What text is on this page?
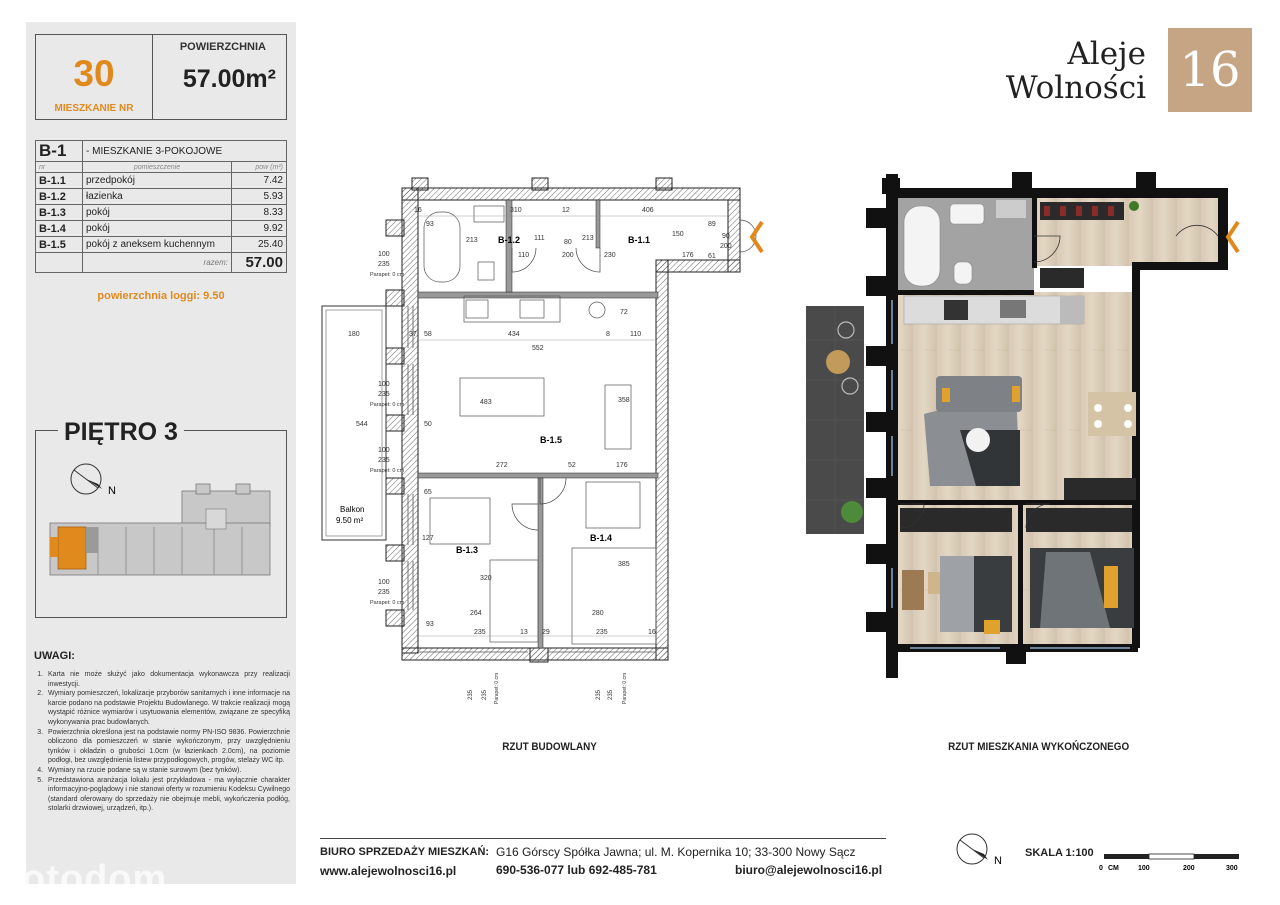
30
MIESZKANIE NR
POWIERZCHNIA
57.00m²
B-1	- MIESZKANIE 3-POKOJOWE	
nr	pomieszczenie	pow (m²)
B-1.1	przedpokój	7.42
B-1.2	łazienka	5.93
B-1.3	pokój	8.33
B-1.4	pokój	9.92
B-1.5	pokój z aneksem kuchennym	25.40
	razem:	57.00
powierzchnia loggi: 9.50
N
PIĘTRO 3
UWAGI:
1. Karta nie może służyć jako dokumentacja wykonawcza przy realizacji inwestycji.
2. Wymiary pomieszczeń, lokalizacje przyborów sanitarnych i inne informacje na karcie podano na podstawie Projektu Budowlanego. W trakcie realizacji mogą wystąpić różnice wymiarów i usytuowania elementów, związane ze specyfiką wykonywania prac budowlanych.
3. Powierzchnia określona jest na podstawie normy PN-ISO 9836. Powierzchnie obliczono dla pomieszczeń w stanie wykończonym, przy uwzględnieniu tynków i okładzin o grubości 1.0cm (w łazienkach 2.0cm), na poziomie podłogi, bez uwzględnienia listew przypodłogowych, progów, stelaży WC itp.
4. Wymiary na rzucie podane są w stanie surowym (bez tynków).
5. Przedstawiona aranżacja lokalu jest przykładowa - ma wyłącznie charakter informacyjno-poglądowy i nie stanowi oferty w rozumieniu Kodeksu Cywilnego (standard oferowany do sprzedaży nie obejmuje mebli, wykończenia podłóg, stolarki drzwiowej, urządzeń, itp.).
otodom
Aleje
Wolności 16
Balkon
9.50 m²
B-1.2	B-1.1
B-1.5
B-1.3
B-1.4
16	310	12	406
93
213	213
111
80
150
89
90
200
100
235
Parapet: 0 cm
110	200	230	176 61
72
180	37 58	434	8	110
552
100
235
Parapet: 0 cm	483	358
544	50
100
235
Parapet: 0 cm
272	52	176
65
127
320
385
100
235
Parapet: 0 cm
264	280
235	13 29	235	16
93
235 235 Parapet: 0 cm	235 235 Parapet: 0 cm
RZUT BUDOWLANY	RZUT MIESZKANIA WYKOŃCZONEGO
BIURO SPRZEDAŻY MIESZKAŃ:
www.alejewolnosci16.pl
G16 Górscy Spółka Jawna; ul. M. Kopernika 10; 33-300 Nowy Sącz
690-536-077 lub 692-485-781	biuro@alejewolnosci16.pl
N
0 CM	100	200	300
SKALA 1:100
